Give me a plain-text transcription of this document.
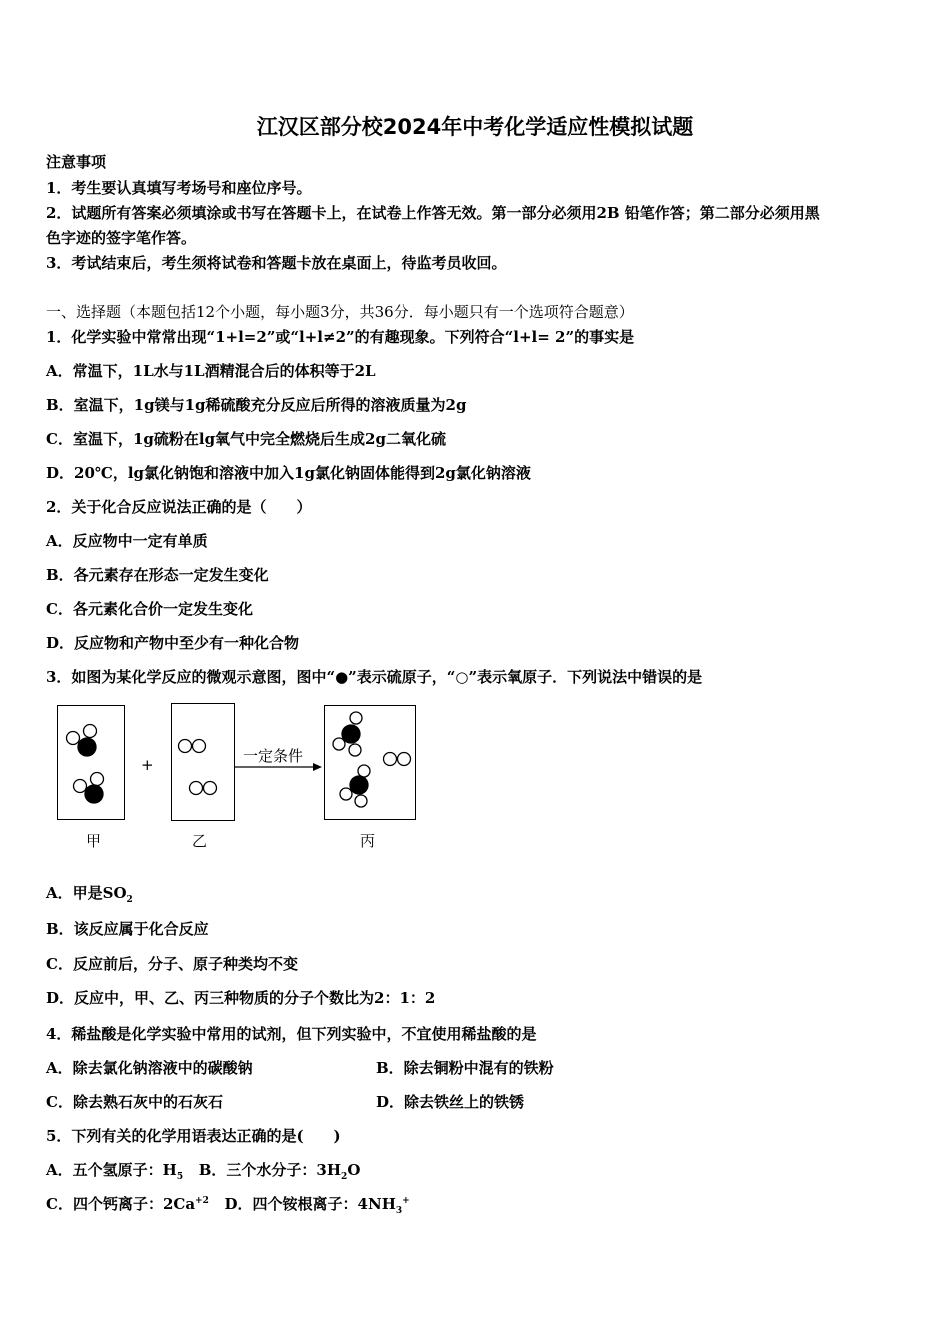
江汉区部分校2024年中考化学适应性模拟试题
注意事项
1．考生要认真填写考场号和座位序号。
2．试题所有答案必须填涂或书写在答题卡上，在试卷上作答无效。第一部分必须用2B 铅笔作答；第二部分必须用黑
色字迹的签字笔作答。
3．考试结束后，考生须将试卷和答题卡放在桌面上，待监考员收回。
一、选择题（本题包括12个小题，每小题3分，共36分．每小题只有一个选项符合题意）
1．化学实验中常常出现“1+l=2”或“l+l≠2”的有趣现象。下列符合“l+l= 2”的事实是
A．常温下，1L水与1L酒精混合后的体积等于2L
B．室温下，1g镁与1g稀硫酸充分反应后所得的溶液质量为2g
C．室温下，1g硫粉在lg氧气中完全燃烧后生成2g二氧化硫
D．20℃，lg氯化钠饱和溶液中加入1g氯化钠固体能得到2g氯化钠溶液
2．关于化合反应说法正确的是（　　）
A．反应物中一定有单质
B．各元素存在形态一定发生变化
C．各元素化合价一定发生变化
D．反应物和产物中至少有一种化合物
3．如图为某化学反应的微观示意图，图中“●”表示硫原子，“○”表示氧原子．下列说法中错误的是
+	一定条件
甲	乙	丙
A．甲是$SO_2$
B．该反应属于化合反应
C．反应前后，分子、原子种类均不变
D．反应中，甲、乙、丙三种物质的分子个数比为2：1：2
4．稀盐酸是化学实验中常用的试剂，但下列实验中，不宜使用稀盐酸的是
A．除去氯化钠溶液中的碳酸钠	B．除去铜粉中混有的铁粉
C．除去熟石灰中的石灰石	D．除去铁丝上的铁锈
5．下列有关的化学用语表达正确的是(　　)
A．五个氢原子：$H_5$ B．三个水分子：$3H_2O$
C．四个钙离子：$2Ca^{+2}$ D．四个铵根离子：$4NH_3^+$
